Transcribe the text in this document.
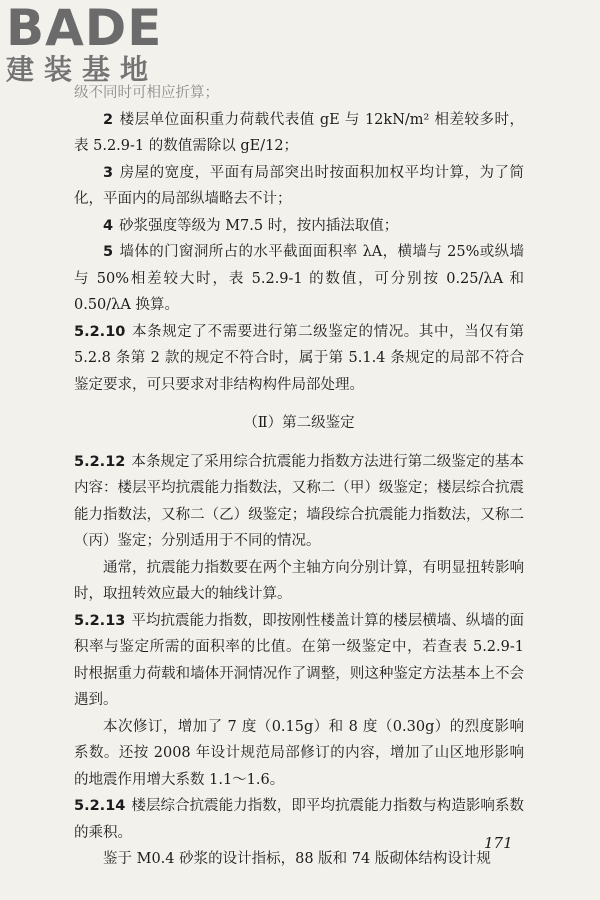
BADE
建装基地

级不同时可相应折算；

2 楼层单位面积重力荷载代表值 gE 与 12kN/m² 相差较多时，表 5.2.9-1 的数值需除以 gE/12；

3 房屋的宽度，平面有局部突出时按面积加权平均计算，为了简化，平面内的局部纵墙略去不计；

4 砂浆强度等级为 M7.5 时，按内插法取值；

5 墙体的门窗洞所占的水平截面面积率 λA，横墙与 25%或纵墙与 50%相差较大时，表 5.2.9-1 的数值，可分别按 0.25/λA 和 0.50/λA 换算。

5.2.10 本条规定了不需要进行第二级鉴定的情况。其中，当仅有第 5.2.8 条第 2 款的规定不符合时，属于第 5.1.4 条规定的局部不符合鉴定要求，可只要求对非结构构件局部处理。

（Ⅱ）第二级鉴定

5.2.12 本条规定了采用综合抗震能力指数方法进行第二级鉴定的基本内容：楼层平均抗震能力指数法，又称二（甲）级鉴定；楼层综合抗震能力指数法，又称二（乙）级鉴定；墙段综合抗震能力指数法，又称二（丙）鉴定；分别适用于不同的情况。

通常，抗震能力指数要在两个主轴方向分别计算，有明显扭转影响时，取扭转效应最大的轴线计算。

5.2.13 平均抗震能力指数，即按刚性楼盖计算的楼层横墙、纵墙的面积率与鉴定所需的面积率的比值。在第一级鉴定中，若查表 5.2.9-1 时根据重力荷载和墙体开洞情况作了调整，则这种鉴定方法基本上不会遇到。

本次修订，增加了 7 度（0.15g）和 8 度（0.30g）的烈度影响系数。还按 2008 年设计规范局部修订的内容，增加了山区地形影响的地震作用增大系数 1.1～1.6。

5.2.14 楼层综合抗震能力指数，即平均抗震能力指数与构造影响系数的乘积。

鉴于 M0.4 砂浆的设计指标，88 版和 74 版砌体结构设计规

171
